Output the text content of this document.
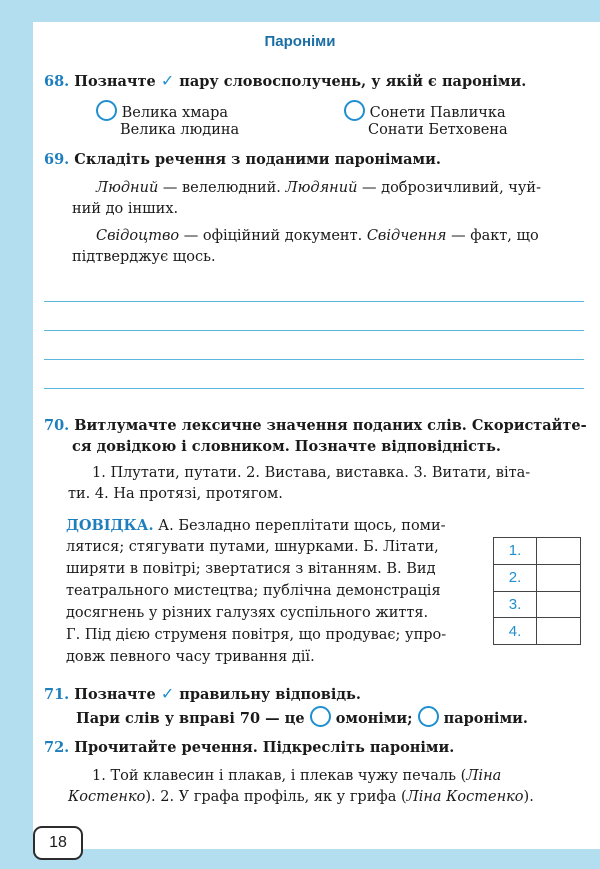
Пароніми
68. Позначте ✓ пару словосполучень, у якій є пароніми.
Велика хмара
Велика людина
Сонети Павличка
Сонати Бетховена
69. Складіть речення з поданими паронімами.
Людний — велелюдний. Людяний — доброзичливий, чуй-
ний до інших.
Свідоцтво — офіційний документ. Свідчення — факт, що
підтверджує щось.
70. Витлумачте лексичне значення поданих слів. Скористайте-
ся довідкою і словником. Позначте відповідність.
1. Плутати, путати. 2. Вистава, виставка. 3. Витати, віта-
ти. 4. На протязі, протягом.
ДОВІДКА. А. Безладно переплітати щось, поми-
лятися; стягувати путами, шнурками. Б. Літати,
ширяти в повітрі; звертатися з вітанням. В. Вид
театрального мистецтва; публічна демонстрація
досягнень у різних галузях суспільного життя.
Г. Під дією струменя повітря, що продуває; упро-
довж певного часу тривання дії.
1.	
2.	
3.	
4.	
71. Позначте ✓ правильну відповідь.
Пари слів у вправі 70 — це омоніми; пароніми.
72. Прочитайте речення. Підкресліть пароніми.
1. Той клавесин і плакав, і плекав чужу печаль (Ліна
Костенко). 2. У графа профіль, як у грифа (Ліна Костенко).
18
